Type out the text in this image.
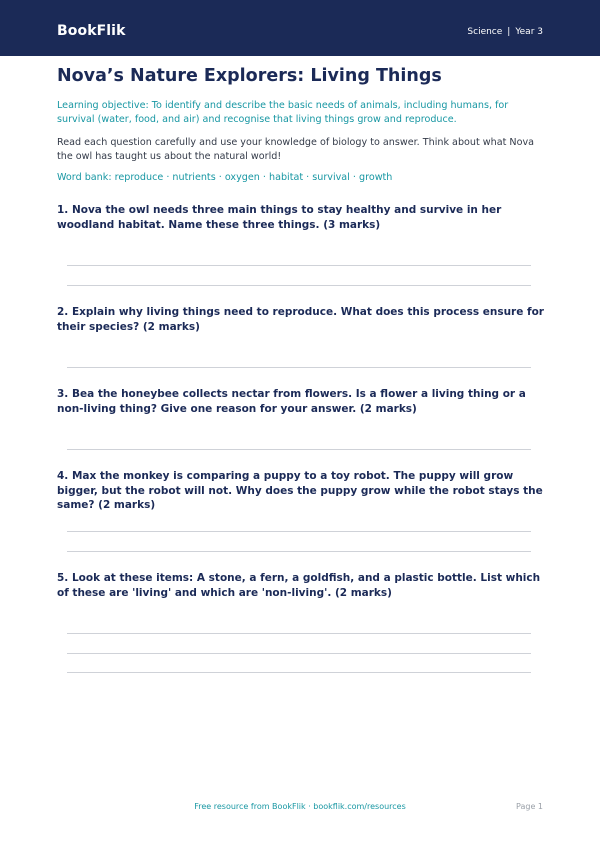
BookFlik	Science | Year 3
Nova’s Nature Explorers: Living Things
Learning objective: To identify and describe the basic needs of animals, including humans, for survival (water, food, and air) and recognise that living things grow and reproduce.
Read each question carefully and use your knowledge of biology to answer. Think about what Nova the owl has taught us about the natural world!
Word bank: reproduce · nutrients · oxygen · habitat · survival · growth
1. Nova the owl needs three main things to stay healthy and survive in her woodland habitat. Name these three things. (3 marks)
2. Explain why living things need to reproduce. What does this process ensure for their species? (2 marks)
3. Bea the honeybee collects nectar from flowers. Is a flower a living thing or a non-living thing? Give one reason for your answer. (2 marks)
4. Max the monkey is comparing a puppy to a toy robot. The puppy will grow bigger, but the robot will not. Why does the puppy grow while the robot stays the same? (2 marks)
5. Look at these items: A stone, a fern, a goldfish, and a plastic bottle. List which of these are 'living' and which are 'non-living'. (2 marks)
Free resource from BookFlik · bookflik.com/resources	Page 1
